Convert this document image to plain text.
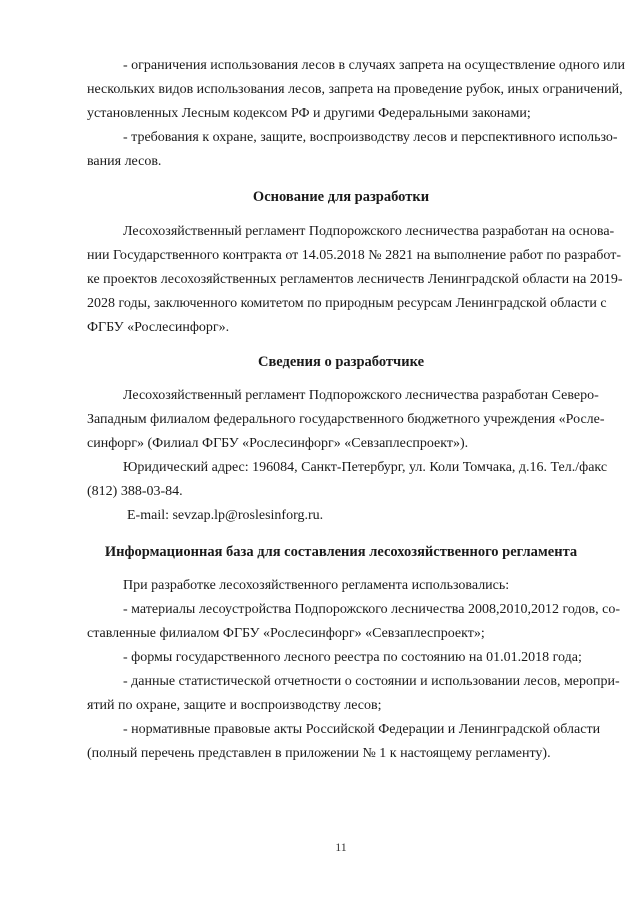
- ограничения использования лесов в случаях запрета на осуществление одного или
нескольких видов использования лесов, запрета на проведение рубок, иных ограничений,
установленных Лесным кодексом РФ и другими Федеральными законами;
- требования к охране, защите, воспроизводству лесов и перспективного использо-
вания лесов.
Основание для разработки
Лесохозяйственный регламент Подпорожского лесничества разработан на основа-
нии Государственного контракта от 14.05.2018 № 2821 на выполнение работ по разработ-
ке проектов лесохозяйственных регламентов лесничеств Ленинградской области на 2019-
2028 годы, заключенного комитетом по природным ресурсам Ленинградской области с
ФГБУ «Рослесинфорг».
Сведения о разработчике
Лесохозяйственный регламент Подпорожского лесничества разработан Северо-
Западным филиалом федерального государственного бюджетного учреждения «Росле-
синфорг» (Филиал ФГБУ «Рослесинфорг» «Севзаплеспроект»).
Юридический адрес: 196084, Санкт-Петербург, ул. Коли Томчака, д.16. Тел./факс
(812) 388-03-84.
E-mail: sevzap.lp@roslesinforg.ru.
Информационная база для составления лесохозяйственного регламента
При разработке лесохозяйственного регламента использовались:
- материалы лесоустройства Подпорожского лесничества 2008,2010,2012 годов, со-
ставленные филиалом ФГБУ «Рослесинфорг» «Севзаплеспроект»;
- формы государственного лесного реестра по состоянию на 01.01.2018 года;
- данные статистической отчетности о состоянии и использовании лесов, меропри-
ятий по охране, защите и воспроизводству лесов;
- нормативные правовые акты Российской Федерации и Ленинградской области
(полный перечень представлен в приложении № 1 к настоящему регламенту).
11
